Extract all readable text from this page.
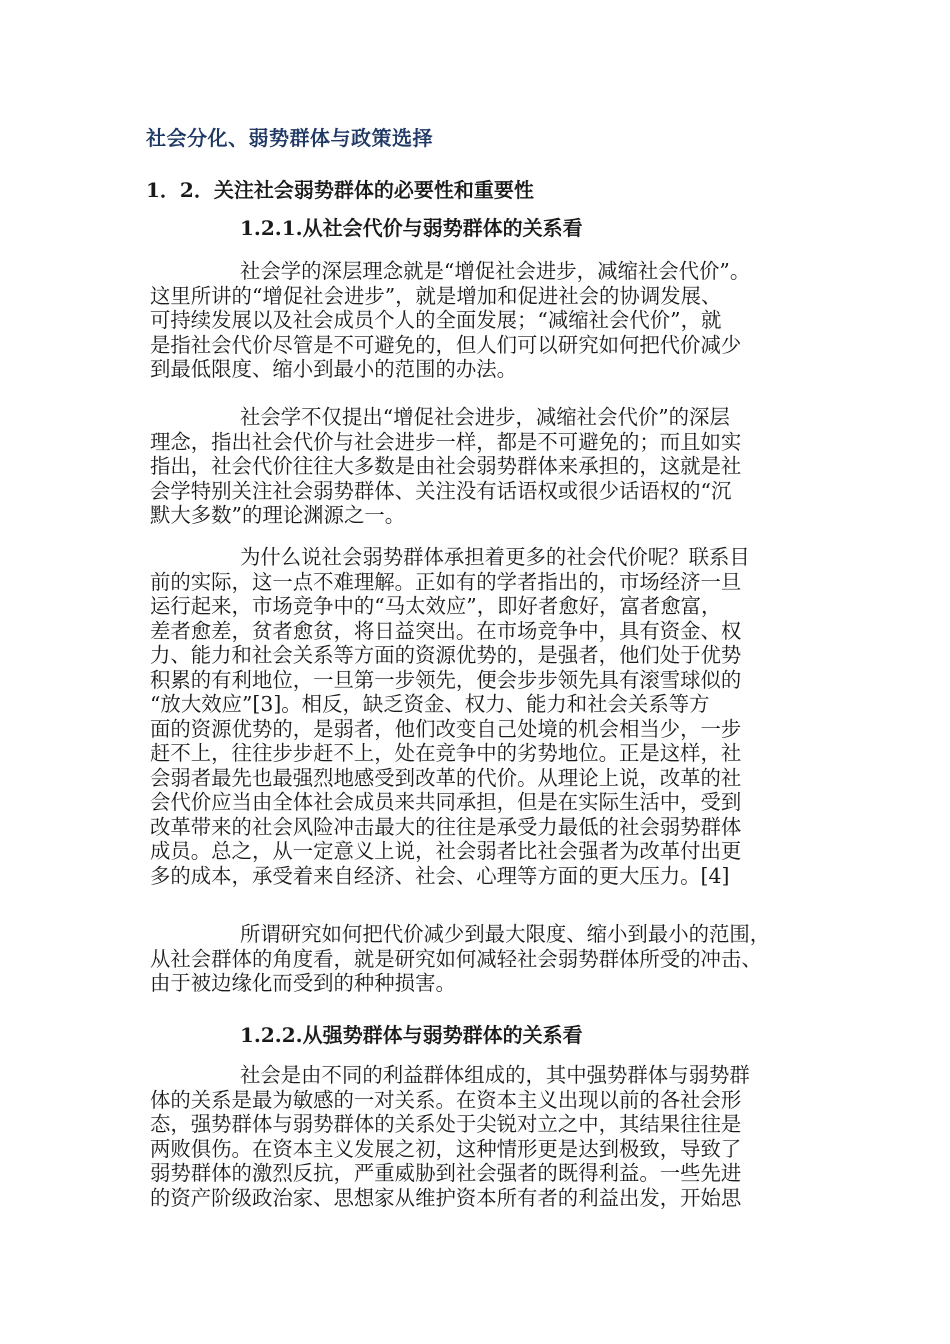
社会分化、弱势群体与政策选择
1．2．关注社会弱势群体的必要性和重要性
1.2.1.从社会代价与弱势群体的关系看
社会学的深层理念就是“增促社会进步，减缩社会代价”。
这里所讲的“增促社会进步”，就是增加和促进社会的协调发展、
可持续发展以及社会成员个人的全面发展；“减缩社会代价”，就
是指社会代价尽管是不可避免的，但人们可以研究如何把代价减少
到最低限度、缩小到最小的范围的办法。
社会学不仅提出“增促社会进步，减缩社会代价”的深层
理念，指出社会代价与社会进步一样，都是不可避免的；而且如实
指出，社会代价往往大多数是由社会弱势群体来承担的，这就是社
会学特别关注社会弱势群体、关注没有话语权或很少话语权的“沉
默大多数”的理论渊源之一。
为什么说社会弱势群体承担着更多的社会代价呢？联系目
前的实际，这一点不难理解。正如有的学者指出的，市场经济一旦
运行起来，市场竞争中的“马太效应”，即好者愈好，富者愈富，
差者愈差，贫者愈贫，将日益突出。在市场竞争中，具有资金、权
力、能力和社会关系等方面的资源优势的，是强者，他们处于优势
积累的有利地位，一旦第一步领先，便会步步领先具有滚雪球似的
“放大效应”[3]。相反，缺乏资金、权力、能力和社会关系等方
面的资源优势的，是弱者，他们改变自己处境的机会相当少，一步
赶不上，往往步步赶不上，处在竞争中的劣势地位。正是这样，社
会弱者最先也最强烈地感受到改革的代价。从理论上说，改革的社
会代价应当由全体社会成员来共同承担，但是在实际生活中，受到
改革带来的社会风险冲击最大的往往是承受力最低的社会弱势群体
成员。总之，从一定意义上说，社会弱者比社会强者为改革付出更
多的成本，承受着来自经济、社会、心理等方面的更大压力。[4]
所谓研究如何把代价减少到最大限度、缩小到最小的范围，
从社会群体的角度看，就是研究如何减轻社会弱势群体所受的冲击、
由于被边缘化而受到的种种损害。
1.2.2.从强势群体与弱势群体的关系看
社会是由不同的利益群体组成的，其中强势群体与弱势群
体的关系是最为敏感的一对关系。在资本主义出现以前的各社会形
态，强势群体与弱势群体的关系处于尖锐对立之中，其结果往往是
两败俱伤。在资本主义发展之初，这种情形更是达到极致，导致了
弱势群体的激烈反抗，严重威胁到社会强者的既得利益。一些先进
的资产阶级政治家、思想家从维护资本所有者的利益出发，开始思
